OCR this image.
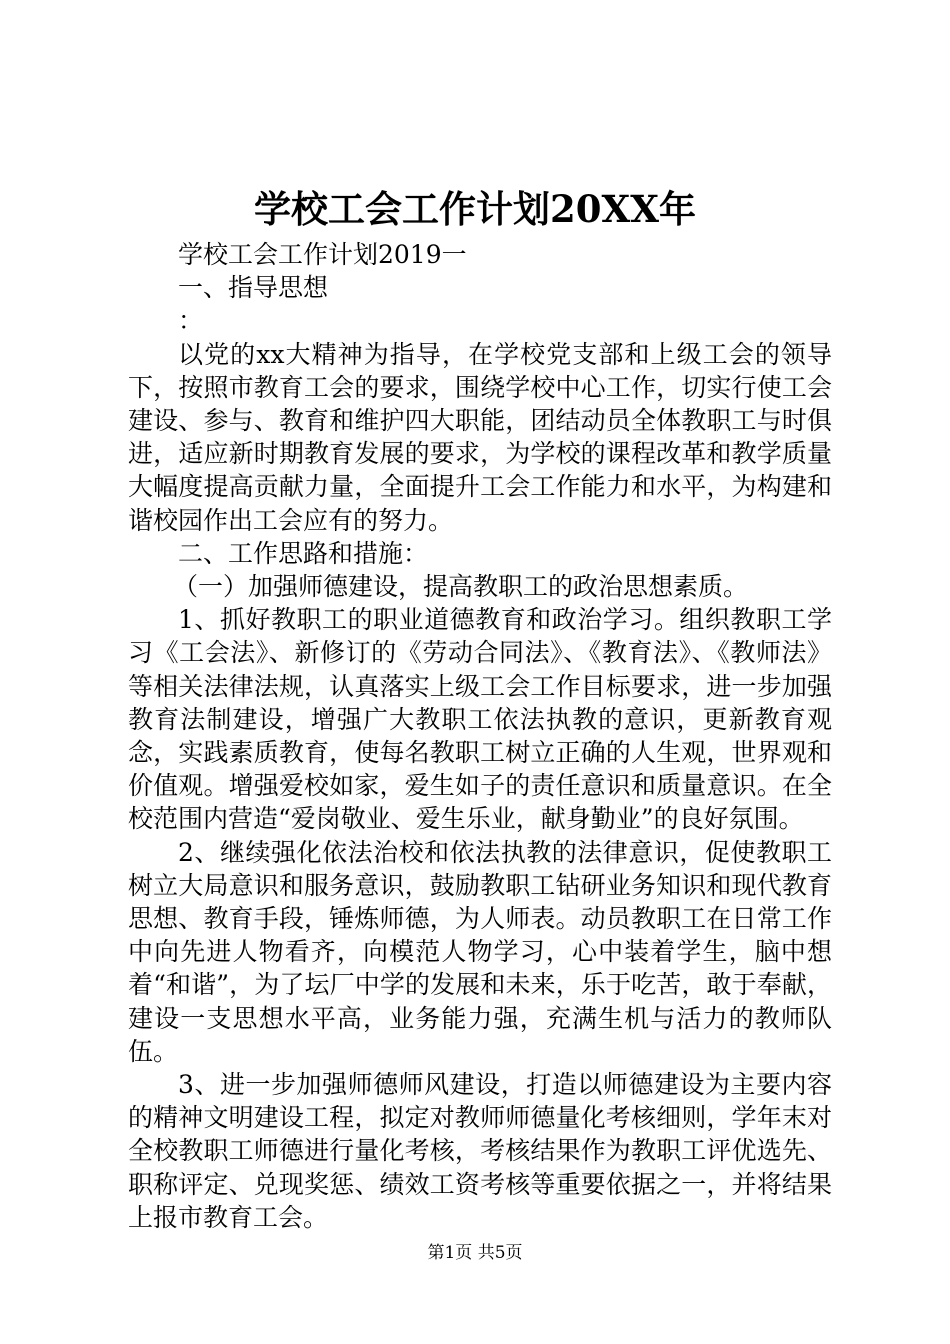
学校工会工作计划20XX年

学校工会工作计划2019一

一、指导思想

：

以党的xx大精神为指导，在学校党支部和上级工会的领导下，按照市教育工会的要求，围绕学校中心工作，切实行使工会建设、参与、教育和维护四大职能，团结动员全体教职工与时俱进，适应新时期教育发展的要求，为学校的课程改革和教学质量大幅度提高贡献力量，全面提升工会工作能力和水平，为构建和谐校园作出工会应有的努力。

二、工作思路和措施：

（一）加强师德建设，提高教职工的政治思想素质。

1、抓好教职工的职业道德教育和政治学习。组织教职工学习《工会法》、新修订的《劳动合同法》、《教育法》、《教师法》等相关法律法规，认真落实上级工会工作目标要求，进一步加强教育法制建设，增强广大教职工依法执教的意识，更新教育观念，实践素质教育，使每名教职工树立正确的人生观，世界观和价值观。增强爱校如家，爱生如子的责任意识和质量意识。在全校范围内营造“爱岗敬业、爱生乐业，献身勤业”的良好氛围。

2、继续强化依法治校和依法执教的法律意识，促使教职工树立大局意识和服务意识，鼓励教职工钻研业务知识和现代教育思想、教育手段，锤炼师德，为人师表。动员教职工在日常工作中向先进人物看齐，向模范人物学习，心中装着学生，脑中想着“和谐”，为了坛厂中学的发展和未来，乐于吃苦，敢于奉献，建设一支思想水平高，业务能力强，充满生机与活力的教师队伍。

3、进一步加强师德师风建设，打造以师德建设为主要内容的精神文明建设工程，拟定对教师师德量化考核细则，学年末对全校教职工师德进行量化考核，考核结果作为教职工评优选先、职称评定、兑现奖惩、绩效工资考核等重要依据之一，并将结果上报市教育工会。

第1页 共5页
